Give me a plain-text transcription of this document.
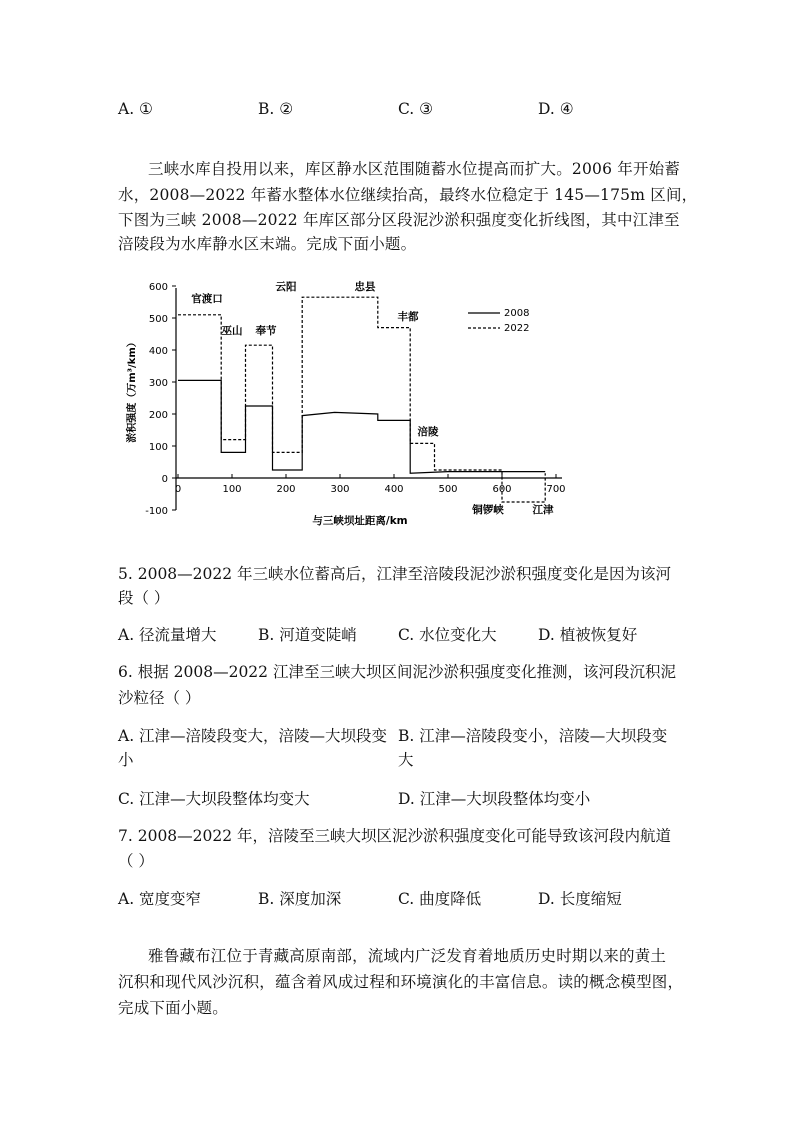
A. ①	B. ②	C. ③	D. ④
三峡水库自投用以来，库区静水区范围随蓄水位提高而扩大。2006 年开始蓄
水，2008—2022 年蓄水整体水位继续抬高，最终水位稳定于 145—175m 区间，
下图为三峡 2008—2022 年库区部分区段泥沙淤积强度变化折线图，其中江津至
涪陵段为水库静水区末端。完成下面小题。
-100
0
100
200
300
400
500
600
0	100	200	300	400	500	600	700
官渡口
巫山 奉节
云阳	忠县
丰都
涪陵
铜锣峡	江津
淤积强度（万m³/km）
与三峡坝址距离/km
2008
2022
5. 2008—2022 年三峡水位蓄高后，江津至涪陵段泥沙淤积强度变化是因为该河
段（ ）
A. 径流量增大	B. 河道变陡峭	C. 水位变化大	D. 植被恢复好
6. 根据 2008—2022 江津至三峡大坝区间泥沙淤积强度变化推测，该河段沉积泥
沙粒径（ ）
A. 江津—涪陵段变大，涪陵—大坝段变
小
B. 江津—涪陵段变小，涪陵—大坝段变
大
C. 江津—大坝段整体均变大	D. 江津—大坝段整体均变小
7. 2008—2022 年，涪陵至三峡大坝区泥沙淤积强度变化可能导致该河段内航道
（ ）
A. 宽度变窄	B. 深度加深	C. 曲度降低	D. 长度缩短
雅鲁藏布江位于青藏高原南部，流域内广泛发育着地质历史时期以来的黄土
沉积和现代风沙沉积，蕴含着风成过程和环境演化的丰富信息。读的概念模型图，
完成下面小题。
